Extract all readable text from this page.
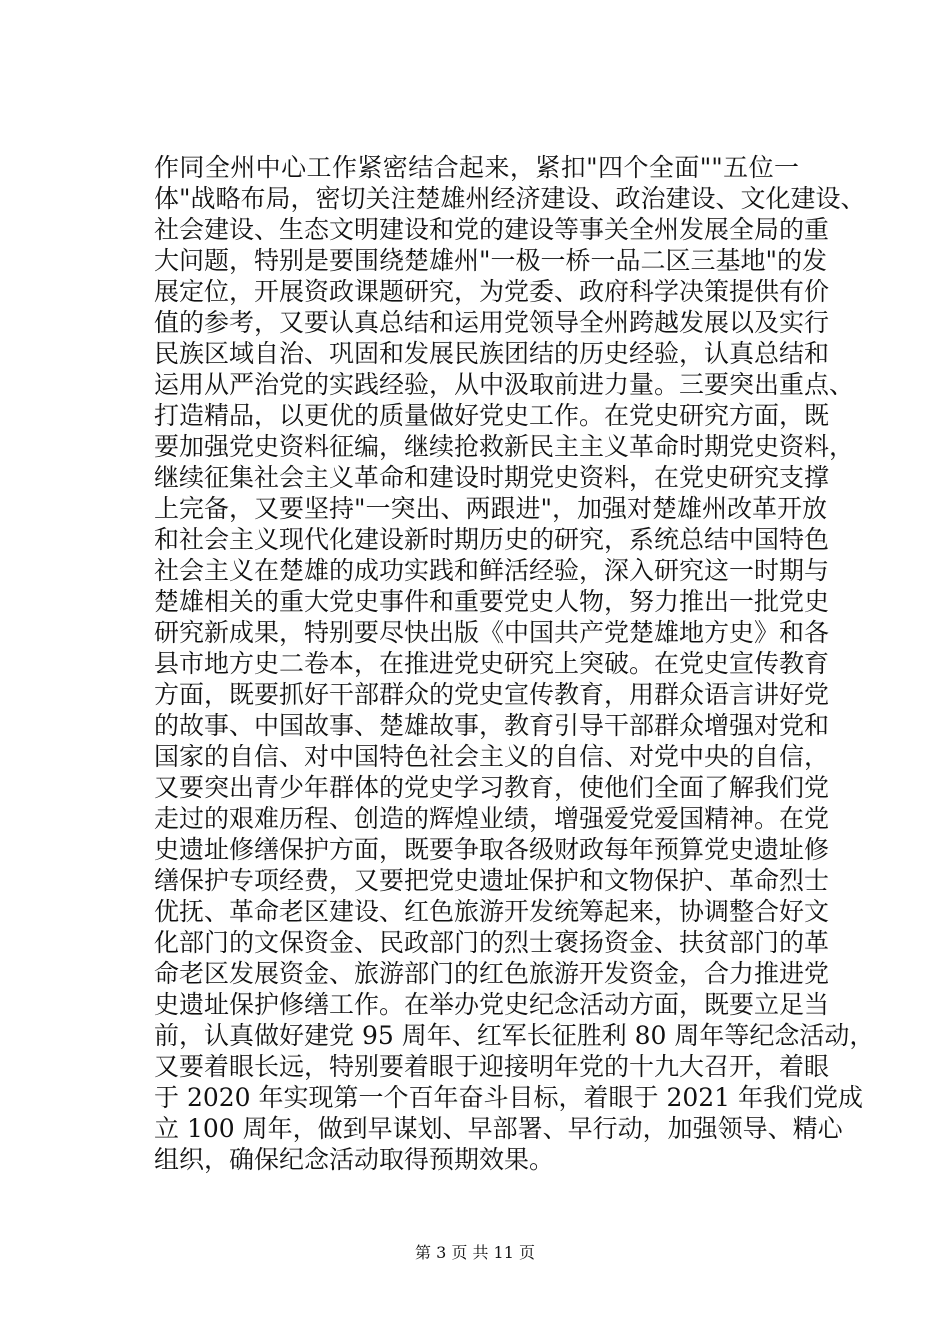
作同全州中心工作紧密结合起来，紧扣"四个全面""五位一
体"战略布局，密切关注楚雄州经济建设、政治建设、文化建设、
社会建设、生态文明建设和党的建设等事关全州发展全局的重
大问题，特别是要围绕楚雄州"一极一桥一品二区三基地"的发
展定位，开展资政课题研究，为党委、政府科学决策提供有价
值的参考，又要认真总结和运用党领导全州跨越发展以及实行
民族区域自治、巩固和发展民族团结的历史经验，认真总结和
运用从严治党的实践经验，从中汲取前进力量。三要突出重点、
打造精品，以更优的质量做好党史工作。在党史研究方面，既
要加强党史资料征编，继续抢救新民主主义革命时期党史资料，
继续征集社会主义革命和建设时期党史资料，在党史研究支撑
上完备，又要坚持"一突出、两跟进"，加强对楚雄州改革开放
和社会主义现代化建设新时期历史的研究，系统总结中国特色
社会主义在楚雄的成功实践和鲜活经验，深入研究这一时期与
楚雄相关的重大党史事件和重要党史人物，努力推出一批党史
研究新成果，特别要尽快出版《中国共产党楚雄地方史》和各
县市地方史二卷本，在推进党史研究上突破。在党史宣传教育
方面，既要抓好干部群众的党史宣传教育，用群众语言讲好党
的故事、中国故事、楚雄故事，教育引导干部群众增强对党和
国家的自信、对中国特色社会主义的自信、对党中央的自信，
又要突出青少年群体的党史学习教育，使他们全面了解我们党
走过的艰难历程、创造的辉煌业绩，增强爱党爱国精神。在党
史遗址修缮保护方面，既要争取各级财政每年预算党史遗址修
缮保护专项经费，又要把党史遗址保护和文物保护、革命烈士
优抚、革命老区建设、红色旅游开发统筹起来，协调整合好文
化部门的文保资金、民政部门的烈士褒扬资金、扶贫部门的革
命老区发展资金、旅游部门的红色旅游开发资金，合力推进党
史遗址保护修缮工作。在举办党史纪念活动方面，既要立足当
前，认真做好建党 95 周年、红军长征胜利 80 周年等纪念活动，
又要着眼长远，特别要着眼于迎接明年党的十九大召开，着眼
于 2020 年实现第一个百年奋斗目标，着眼于 2021 年我们党成
立 100 周年，做到早谋划、早部署、早行动，加强领导、精心
组织，确保纪念活动取得预期效果。
第 3 页 共 11 页
